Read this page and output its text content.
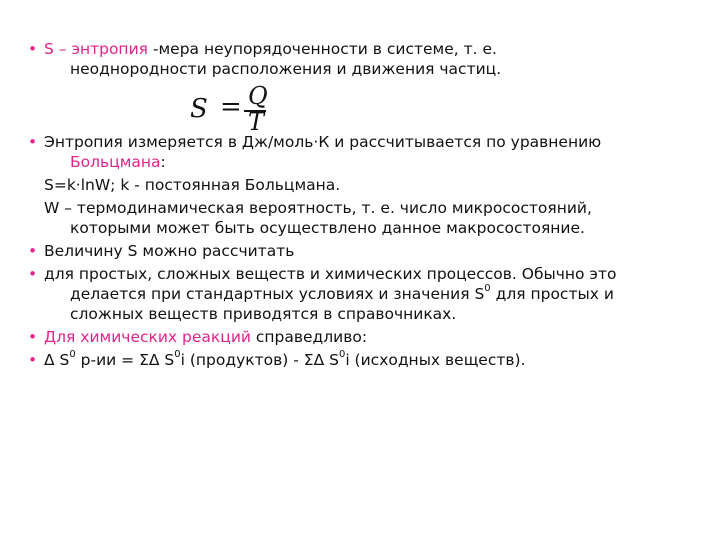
• S – энтропия -мера неупорядоченности в системе, т. е.
неоднородности расположения и движения частиц.
S = Q
T
• Энтропия измеряется в Дж/моль·К и рассчитывается по уравнению
Больцмана:
S=k·lnW; k - постоянная Больцмана.
W – термодинамическая вероятность, т. е. число микросостояний,
которыми может быть осуществлено данное макросостояние.
• Величину S можно рассчитать
• для простых, сложных веществ и химических процессов. Обычно это
делается при стандартных условиях и значения $S^0$ для простых и
сложных веществ приводятся в справочниках.
• Для химических реакций справедливо:
• Δ $S^0$ р-ии = ΣΔ $S^0i$ (продуктов) - ΣΔ $S^0i$ (исходных веществ).
